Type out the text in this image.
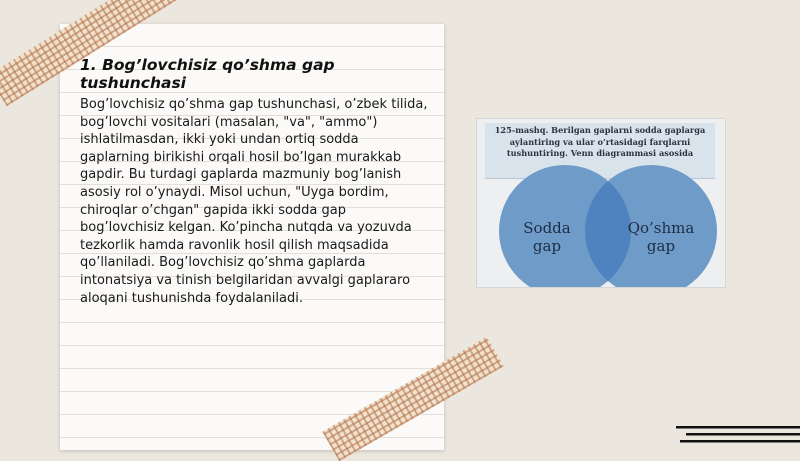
1. Bog’lovchisiz qo’shma gap tushunchasi

Bog’lovchisiz qo’shma gap tushunchasi, o’zbek tilida, bog’lovchi vositalari (masalan, "va", "ammo") ishlatilmasdan, ikki yoki undan ortiq sodda gaplarning birikishi orqali hosil bo’lgan murakkab gapdir. Bu turdagi gaplarda mazmuniy bog’lanish asosiy rol o’ynaydi. Misol uchun, "Uyga bordim, chiroqlar o’chgan" gapida ikki sodda gap bog’lovchisiz kelgan. Ko’pincha nutqda va yozuvda tezkorlik hamda ravonlik hosil qilish maqsadida qo’llaniladi. Bog’lovchisiz qo’shma gaplarda intonatsiya va tinish belgilaridan avvalgi gaplararo aloqani tushunishda foydalaniladi.

125-mashq. Berilgan gaplarni sodda gaplarga aylantiring va ular o’rtasidagi farqlarni tushuntiring. Venn diagrammasi asosida
Sodda
gap
Qo’shma
gap
